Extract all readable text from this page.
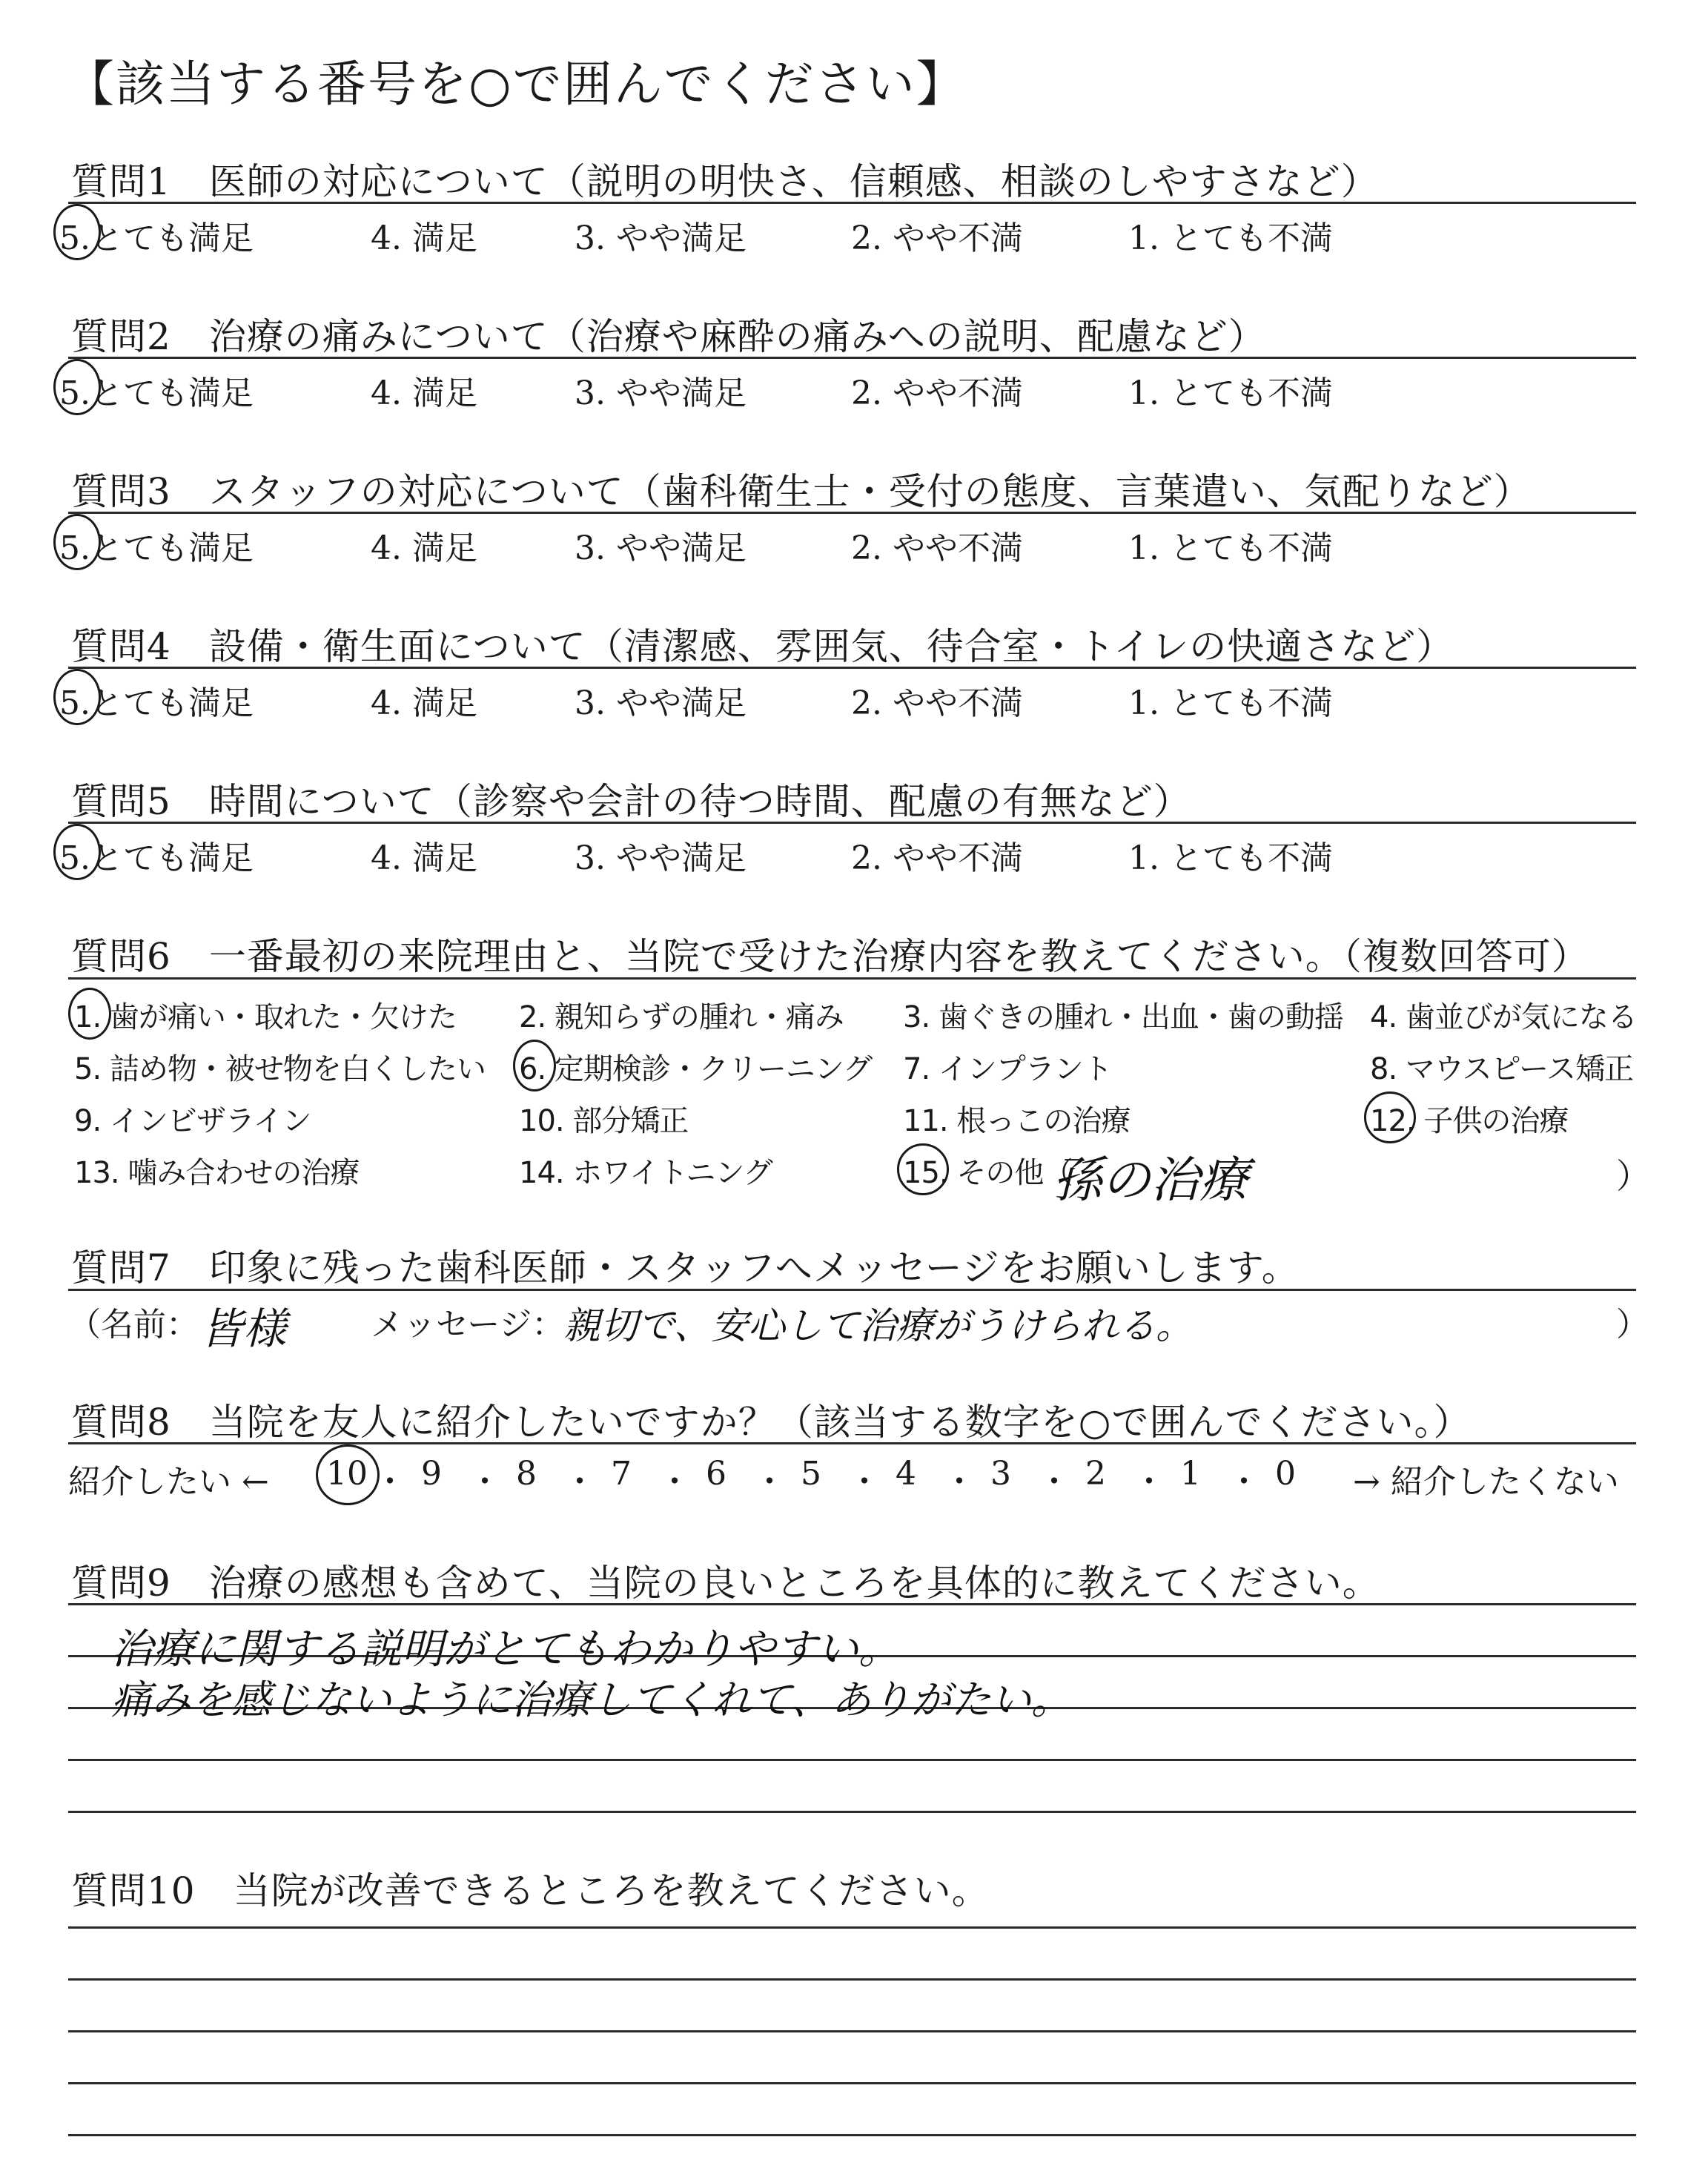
【該当する番号を○で囲んでください】
質問1　 医師の対応について（説明の明快さ、信頼感、相談のしやすさなど）
5.とても満足	4. 満足	3. やや満足	2. やや不満	1. とても不満
質問2　 治療の痛みについて（治療や麻酔の痛みへの説明、配慮など）
5.とても満足	4. 満足	3. やや満足	2. やや不満	1. とても不満
質問3　 スタッフの対応について（歯科衛生士・受付の態度、言葉遣い、気配りなど）
5.とても満足	4. 満足	3. やや満足	2. やや不満	1. とても不満
質問4　 設備・衛生面について（清潔感、雰囲気、待合室・トイレの快適さなど）
5.とても満足	4. 満足	3. やや満足	2. やや不満	1. とても不満
質問5　 時間について（診察や会計の待つ時間、配慮の有無など）
5.とても満足	4. 満足	3. やや満足	2. やや不満	1. とても不満
質問6　 一番最初の来院理由と、当院で受けた治療内容を教えてください。（複数回答可）
1. 歯が痛い・取れた・欠けた 2. 親知らずの腫れ・痛み 3. 歯ぐきの腫れ・出血・歯の動揺 4. 歯並びが気になる
5. 詰め物・被せ物を白くしたい 6. 定期検診・クリーニング 7. インプラント	8. マウスピース矯正
9. インビザライン	10. 部分矯正	11. 根っこの治療	12. 子供の治療
13. 噛み合わせの治療	14. ホワイトニング	15. その他（
孫の治療	）
質問7　 印象に残った歯科医師・スタッフへメッセージをお願いします。
（名前： 皆様	メッセージ：
親切で、安心して治療がうけられる。	）
質問8　 当院を友人に紹介したいですか？（該当する数字を○で囲んでください。）
紹介したい ← 10 ・ 9 ・ 8 ・ 7 ・ 6 ・ 5 ・ 4 ・ 3 ・ 2 ・ 1 ・ 0 → 紹介したくない
質問9　 治療の感想も含めて、当院の良いところを具体的に教えてください。
治療に関する説明がとてもわかりやすい。
痛みを感じないように治療してくれて、ありがたい。
質問10　 当院が改善できるところを教えてください。
